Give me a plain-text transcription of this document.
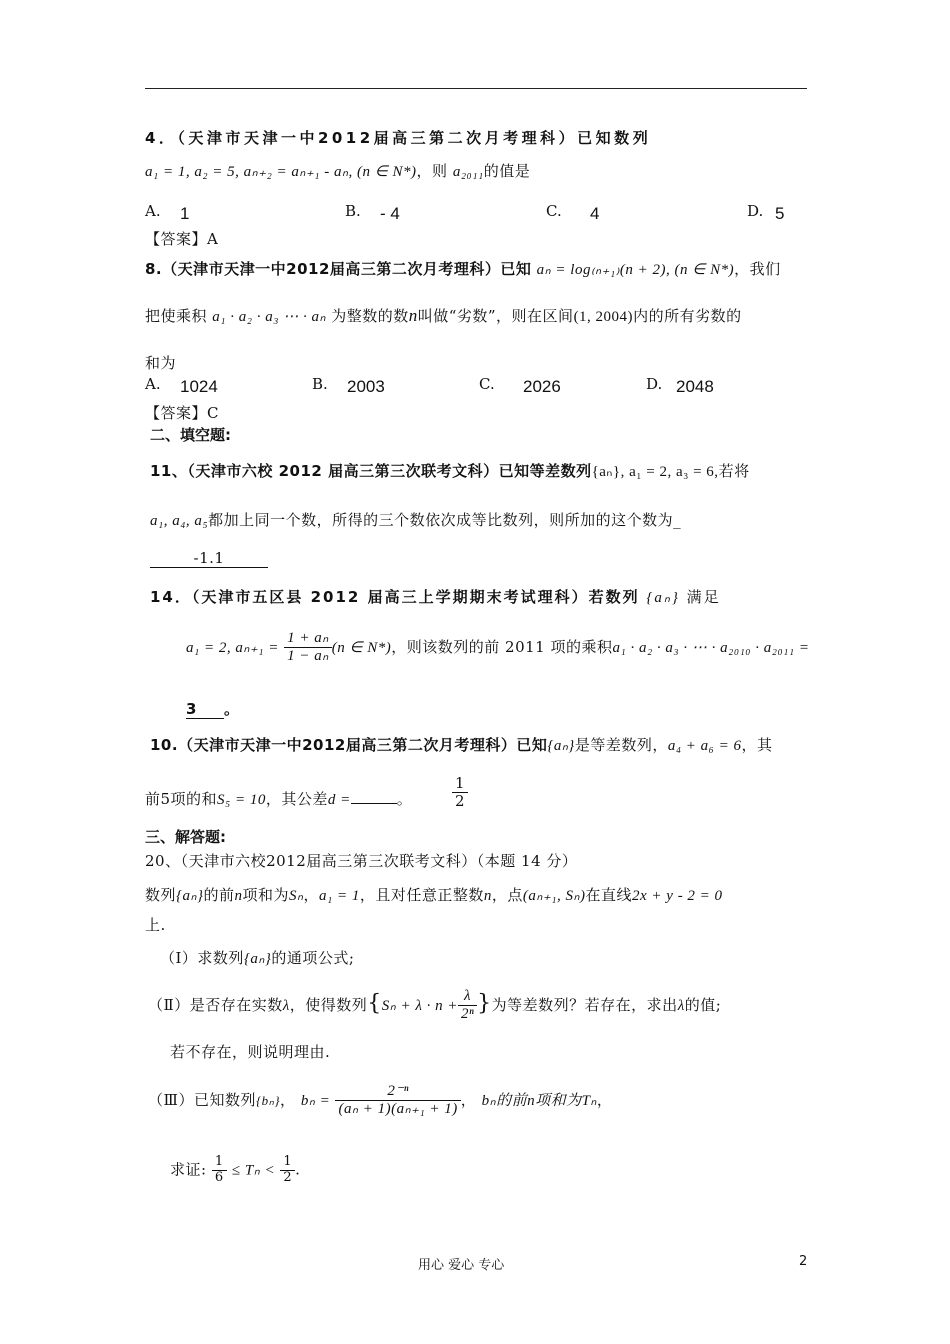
4．（天津市天津一中2012届高三第二次月考理科）已知数列
a₁ = 1, a₂ = 5, aₙ₊₂ = aₙ₊₁ - aₙ, (n ∈ N*)，则 a₂₀₁₁的值是
A. 1	B. - 4	C. 4	D. 5
【答案】A
8.（天津市天津一中2012届高三第二次月考理科）已知 aₙ = log₍ₙ₊₁₎(n + 2), (n ∈ N*)，我们
把使乘积 a₁ · a₂ · a₃ ⋯ · aₙ 为整数的数n叫做“劣数”，则在区间(1, 2004)内的所有劣数的
和为
A. 1024	B. 2003	C. 2026	D. 2048
【答案】C
二、填空题:
11、（天津市六校 2012 届高三第三次联考文科）已知等差数列{aₙ}, a₁ = 2, a₃ = 6,若将
a₁, a₄, a₅都加上同一个数，所得的三个数依次成等比数列，则所加的这个数为_
-1.1
14．（天津市五区县 2012 届高三上学期期末考试理科）若数列 {aₙ} 满足
a₁ = 2, $a_{n+1} = \frac{\text{1 + aₙ}}{\text{1 − aₙ}} (n$ ∈ N*)，则该数列的前 2011 项的乘积a₁ · a₂ · a₃ · ⋯ · a₂₀₁₀ · a₂₀₁₁ =
3 。
10.（天津市天津一中2012届高三第二次月考理科）已知{aₙ}是等差数列，a₄ + a₆ = 6，其
前5项的和S₅ = 10，其公差d =	。	$\frac{1}{2}$
三、解答题:
20、（天津市六校2012届高三第三次联考文科）（本题 14 分）
数列{aₙ}的前n项和为Sₙ，a₁ = 1，且对任意正整数n，点(aₙ₊₁, Sₙ)在直线2x + y - 2 = 0
上.
（Ⅰ）求数列{aₙ}的通项公式;
（Ⅱ）是否存在实数λ，使得数列{$S_n + \lambda \cdot n + \frac{\lambda}{\text{2ⁿ}}$ }为等差数列？若存在，求出λ的值;
若不存在，则说明理由.
（Ⅲ）已知数列{bₙ}， $b_n = \frac{\text{2⁻ⁿ}}{\text{(aₙ + 1)(aₙ₊₁ + 1)}}$ ， bₙ的前n项和为Tₙ，
求证: $\frac{1}{6} \le T_n < \frac{1}{2}$ .
用心 爱心 专心	2
